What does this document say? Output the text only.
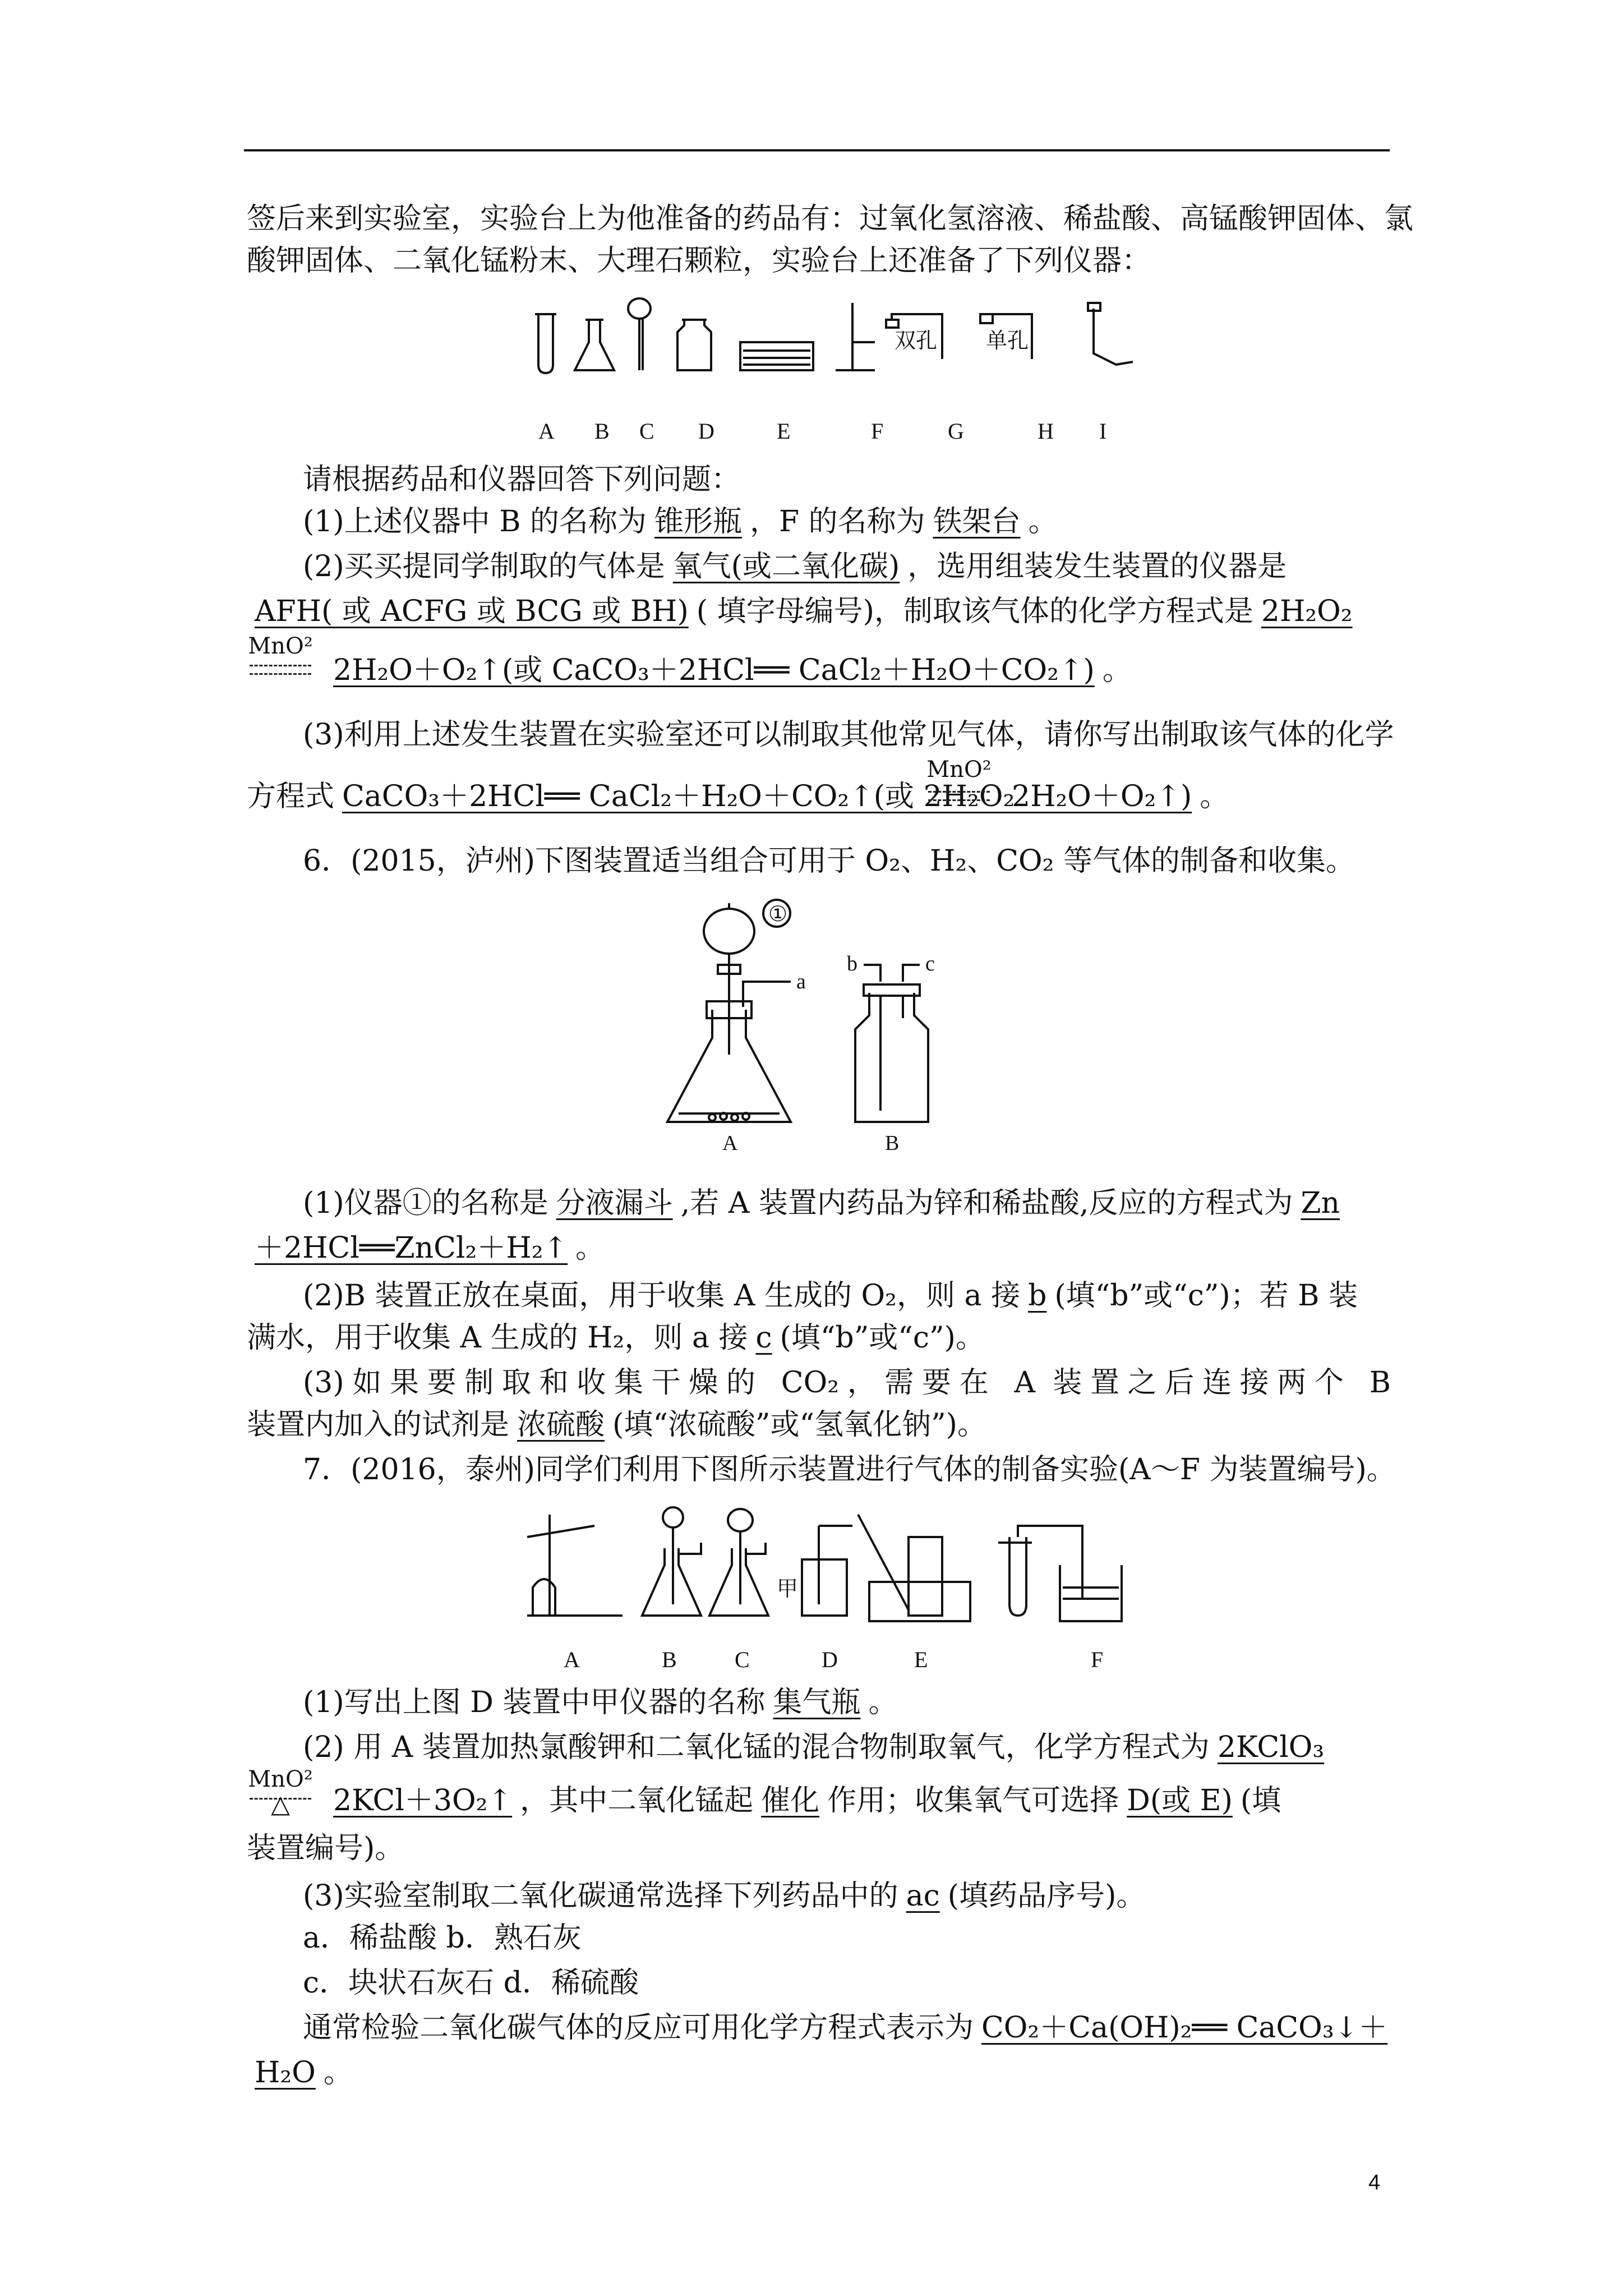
签后来到实验室，实验台上为他准备的药品有：过氧化氢溶液、稀盐酸、高锰酸钾固体、氯
酸钾固体、二氧化锰粉末、大理石颗粒，实验台上还准备了下列仪器：
双孔 单孔
A B C D	E	F	G	H I
请根据药品和仪器回答下列问题：
(1)上述仪器中 B 的名称为 锥形瓶 ，F 的名称为 铁架台 。
(2)买买提同学制取的气体是 氧气(或二氧化碳) ，选用组装发生装置的仪器是
AFH( 或 ACFG 或 BCG 或 BH) ( 填字母编号)，制取该气体的化学方程式是 2H₂O₂
MnO²
2H₂O＋O₂↑(或 CaCO₃＋2HCl══ CaCl₂＋H₂O＋CO₂↑) 。
(3)利用上述发生装置在实验室还可以制取其他常见气体，请你写出制取该气体的化学
方程式 CaCO₃＋2HCl══ CaCl₂＋H₂O＋CO₂↑(或 2H₂O₂
MnO²
2H₂O＋O₂↑) 。
6．(2015，泸州)下图装置适当组合可用于 O₂、H₂、CO₂ 等气体的制备和收集。
①
a
b	c
A	B
(1)仪器①的名称是 分液漏斗 ,若 A 装置内药品为锌和稀盐酸,反应的方程式为 Zn
＋2HCl══ZnCl₂＋H₂↑ 。
(2)B 装置正放在桌面，用于收集 A 生成的 O₂，则 a 接 b (填“b”或“c”)；若 B 装
满水，用于收集 A 生成的 H₂，则 a 接 c (填“b”或“c”)。
(3)如果要制取和收集干燥的 CO₂，需要在 A 装置之后连接两个 B
装置内加入的试剂是 浓硫酸 (填“浓硫酸”或“氢氧化钠”)。
7．(2016，泰州)同学们利用下图所示装置进行气体的制备实验(A～F 为装置编号)。
甲
A	B	C	D	E	F
(1)写出上图 D 装置中甲仪器的名称 集气瓶 。
(2) 用 A 装置加热氯酸钾和二氧化锰的混合物制取氧气，化学方程式为 2KClO₃
MnO²
△	2KCl＋3O₂↑ ，其中二氧化锰起 催化 作用；收集氧气可选择 D(或 E) (填
装置编号)。
(3)实验室制取二氧化碳通常选择下列药品中的 ac (填药品序号)。
a．稀盐酸 b．熟石灰
c．块状石灰石 d．稀硫酸
通常检验二氧化碳气体的反应可用化学方程式表示为 CO₂＋Ca(OH)₂══ CaCO₃↓＋
H₂O 。
4
